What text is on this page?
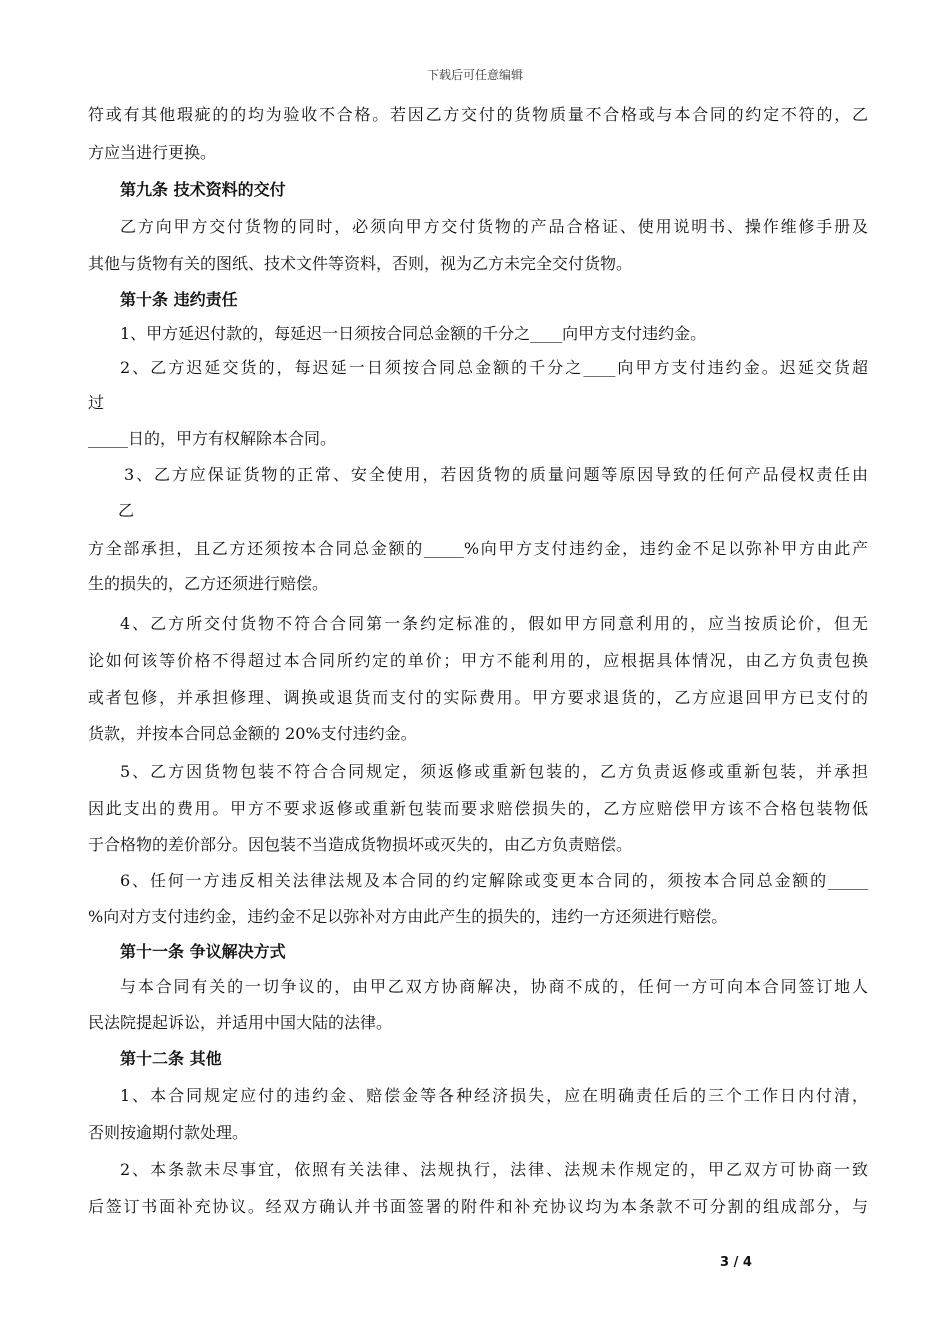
下载后可任意编辑

符或有其他瑕疵的的均为验收不合格。若因乙方交付的货物质量不合格或与本合同的约定不符的，乙

方应当进行更换。

第九条 技术资料的交付

乙方向甲方交付货物的同时，必须向甲方交付货物的产品合格证、使用说明书、操作维修手册及

其他与货物有关的图纸、技术文件等资料，否则，视为乙方未完全交付货物。

第十条 违约责任

1、甲方延迟付款的，每延迟一日须按合同总金额的千分之____向甲方支付违约金。

2、乙方迟延交货的，每迟延一日须按合同总金额的千分之____向甲方支付违约金。迟延交货超

过

_____日的，甲方有权解除本合同。

3、乙方应保证货物的正常、安全使用，若因货物的质量问题等原因导致的任何产品侵权责任由

乙

方全部承担，且乙方还须按本合同总金额的_____%向甲方支付违约金，违约金不足以弥补甲方由此产

生的损失的，乙方还须进行赔偿。

4、乙方所交付货物不符合合同第一条约定标准的，假如甲方同意利用的，应当按质论价，但无

论如何该等价格不得超过本合同所约定的单价；甲方不能利用的，应根据具体情况，由乙方负责包换

或者包修，并承担修理、调换或退货而支付的实际费用。甲方要求退货的，乙方应退回甲方已支付的

货款，并按本合同总金额的 20%支付违约金。

5、乙方因货物包装不符合合同规定，须返修或重新包装的，乙方负责返修或重新包装，并承担

因此支出的费用。甲方不要求返修或重新包装而要求赔偿损失的，乙方应赔偿甲方该不合格包装物低

于合格物的差价部分。因包装不当造成货物损坏或灭失的，由乙方负责赔偿。

6、任何一方违反相关法律法规及本合同的约定解除或变更本合同的，须按本合同总金额的_____

%向对方支付违约金，违约金不足以弥补对方由此产生的损失的，违约一方还须进行赔偿。

第十一条 争议解决方式

与本合同有关的一切争议的，由甲乙双方协商解决，协商不成的，任何一方可向本合同签订地人

民法院提起诉讼，并适用中国大陆的法律。

第十二条 其他

1、本合同规定应付的违约金、赔偿金等各种经济损失，应在明确责任后的三个工作日内付清，

否则按逾期付款处理。

2、本条款未尽事宜，依照有关法律、法规执行，法律、法规未作规定的，甲乙双方可协商一致

后签订书面补充协议。经双方确认并书面签署的附件和补充协议均为本条款不可分割的组成部分，与

3 / 4
